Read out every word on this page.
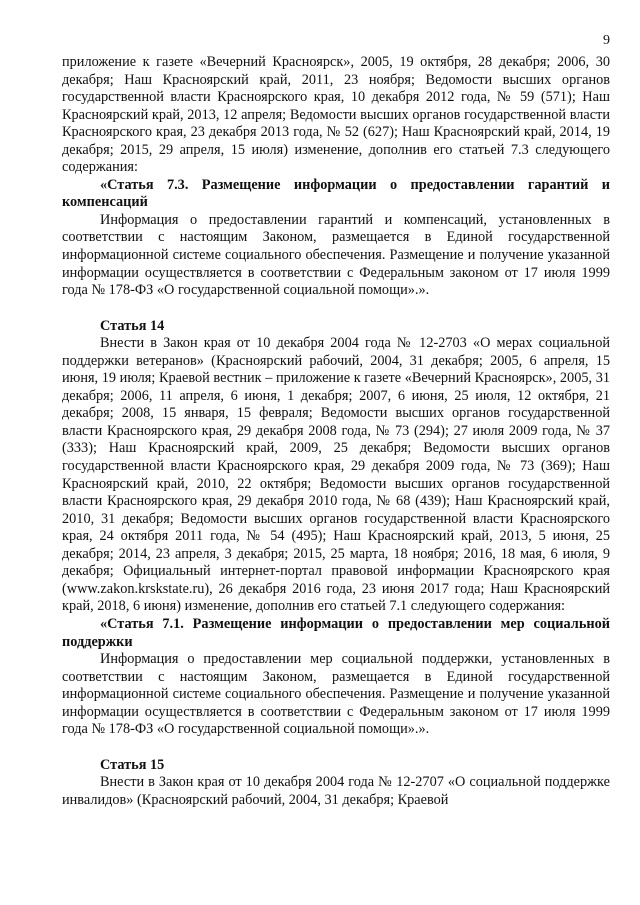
9

приложение к газете «Вечерний Красноярск», 2005, 19 октября, 28 декабря; 2006, 30 декабря; Наш Красноярский край, 2011, 23 ноября; Ведомости высших органов государственной власти Красноярского края, 10 декабря 2012 года, № 59 (571); Наш Красноярский край, 2013, 12 апреля; Ведомости высших органов государственной власти Красноярского края, 23 декабря 2013 года, № 52 (627); Наш Красноярский край, 2014, 19 декабря; 2015, 29 апреля, 15 июля) изменение, дополнив его статьей 7.3 следующего содержания:

«Статья 7.3. Размещение информации о предоставлении гарантий и компенсаций

Информация о предоставлении гарантий и компенсаций, установленных в соответствии с настоящим Законом, размещается в Единой государственной информационной системе социального обеспечения. Размещение и получение указанной информации осуществляется в соответствии с Федеральным законом от 17 июля 1999 года № 178-ФЗ «О государственной социальной помощи».».

Статья 14

Внести в Закон края от 10 декабря 2004 года № 12-2703 «О мерах социальной поддержки ветеранов» (Красноярский рабочий, 2004, 31 декабря; 2005, 6 апреля, 15 июня, 19 июля; Краевой вестник – приложение к газете «Вечерний Красноярск», 2005, 31 декабря; 2006, 11 апреля, 6 июня, 1 декабря; 2007, 6 июня, 25 июля, 12 октября, 21 декабря; 2008, 15 января, 15 февраля; Ведомости высших органов государственной власти Красноярского края, 29 декабря 2008 года, № 73 (294); 27 июля 2009 года, № 37 (333); Наш Красноярский край, 2009, 25 декабря; Ведомости высших органов государственной власти Красноярского края, 29 декабря 2009 года, № 73 (369); Наш Красноярский край, 2010, 22 октября; Ведомости высших органов государственной власти Красноярского края, 29 декабря 2010 года, № 68 (439); Наш Красноярский край, 2010, 31 декабря; Ведомости высших органов государственной власти Красноярского края, 24 октября 2011 года, № 54 (495); Наш Красноярский край, 2013, 5 июня, 25 декабря; 2014, 23 апреля, 3 декабря; 2015, 25 марта, 18 ноября; 2016, 18 мая, 6 июля, 9 декабря; Официальный интернет-портал правовой информации Красноярского края (www.zakon.krskstate.ru), 26 декабря 2016 года, 23 июня 2017 года; Наш Красноярский край, 2018, 6 июня) изменение, дополнив его статьей 7.1 следующего содержания:

«Статья 7.1. Размещение информации о предоставлении мер социальной поддержки

Информация о предоставлении мер социальной поддержки, установленных в соответствии с настоящим Законом, размещается в Единой государственной информационной системе социального обеспечения. Размещение и получение указанной информации осуществляется в соответствии с Федеральным законом от 17 июля 1999 года № 178-ФЗ «О государственной социальной помощи».».

Статья 15

Внести в Закон края от 10 декабря 2004 года № 12-2707 «О социальной поддержке инвалидов» (Красноярский рабочий, 2004, 31 декабря; Краевой
